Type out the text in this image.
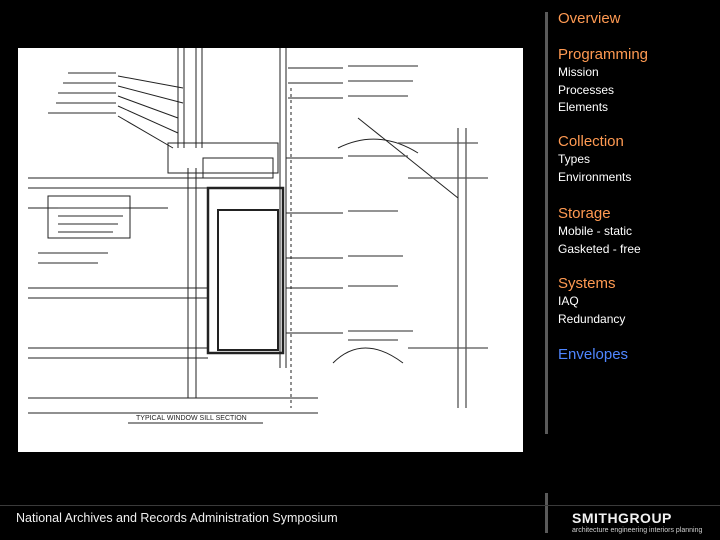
TYPICAL WINDOW SILL SECTION
Overview
Programming
Mission
Processes
Elements
Collection
Types
Environments
Storage
Mobile - static
Gasketed - free
Systems
IAQ
Redundancy
Envelopes
National Archives and Records Administration Symposium	SMITHGROUP
architecture engineering interiors planning
